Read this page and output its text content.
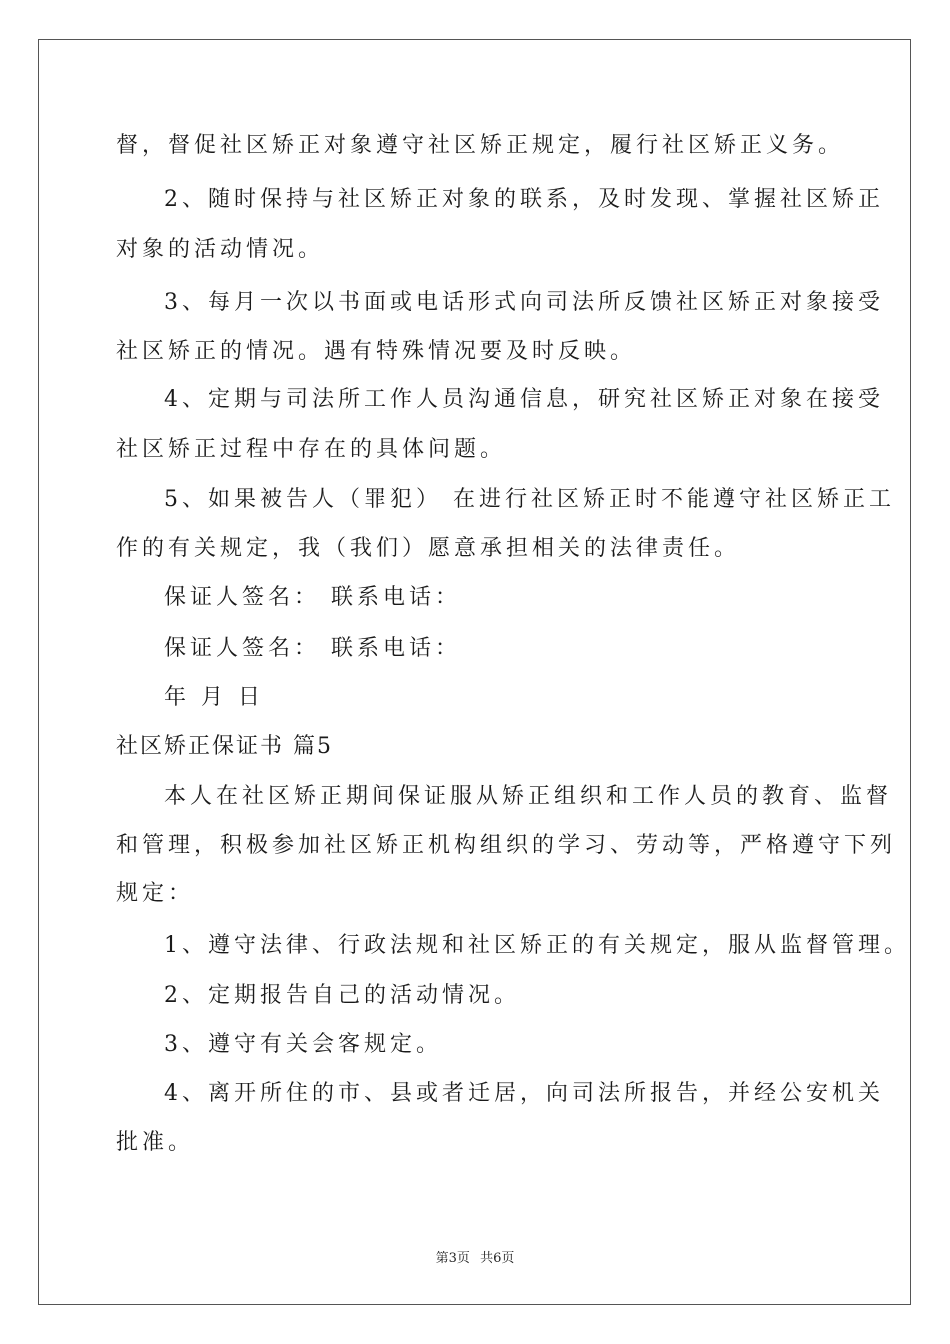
督，督促社区矫正对象遵守社区矫正规定，履行社区矫正义务。
2、随时保持与社区矫正对象的联系，及时发现、掌握社区矫正
对象的活动情况。
3、每月一次以书面或电话形式向司法所反馈社区矫正对象接受
社区矫正的情况。遇有特殊情况要及时反映。
4、定期与司法所工作人员沟通信息，研究社区矫正对象在接受
社区矫正过程中存在的具体问题。
5、如果被告人（罪犯） 在进行社区矫正时不能遵守社区矫正工
作的有关规定，我（我们）愿意承担相关的法律责任。
保证人签名： 联系电话：
保证人签名： 联系电话：
年 月 日
社区矫正保证书 篇5
本人在社区矫正期间保证服从矫正组织和工作人员的教育、监督
和管理，积极参加社区矫正机构组织的学习、劳动等，严格遵守下列
规定：
1、遵守法律、行政法规和社区矫正的有关规定，服从监督管理。
2、定期报告自己的活动情况。
3、遵守有关会客规定。
4、离开所住的市、县或者迁居，向司法所报告，并经公安机关
批准。
第3页 共6页
